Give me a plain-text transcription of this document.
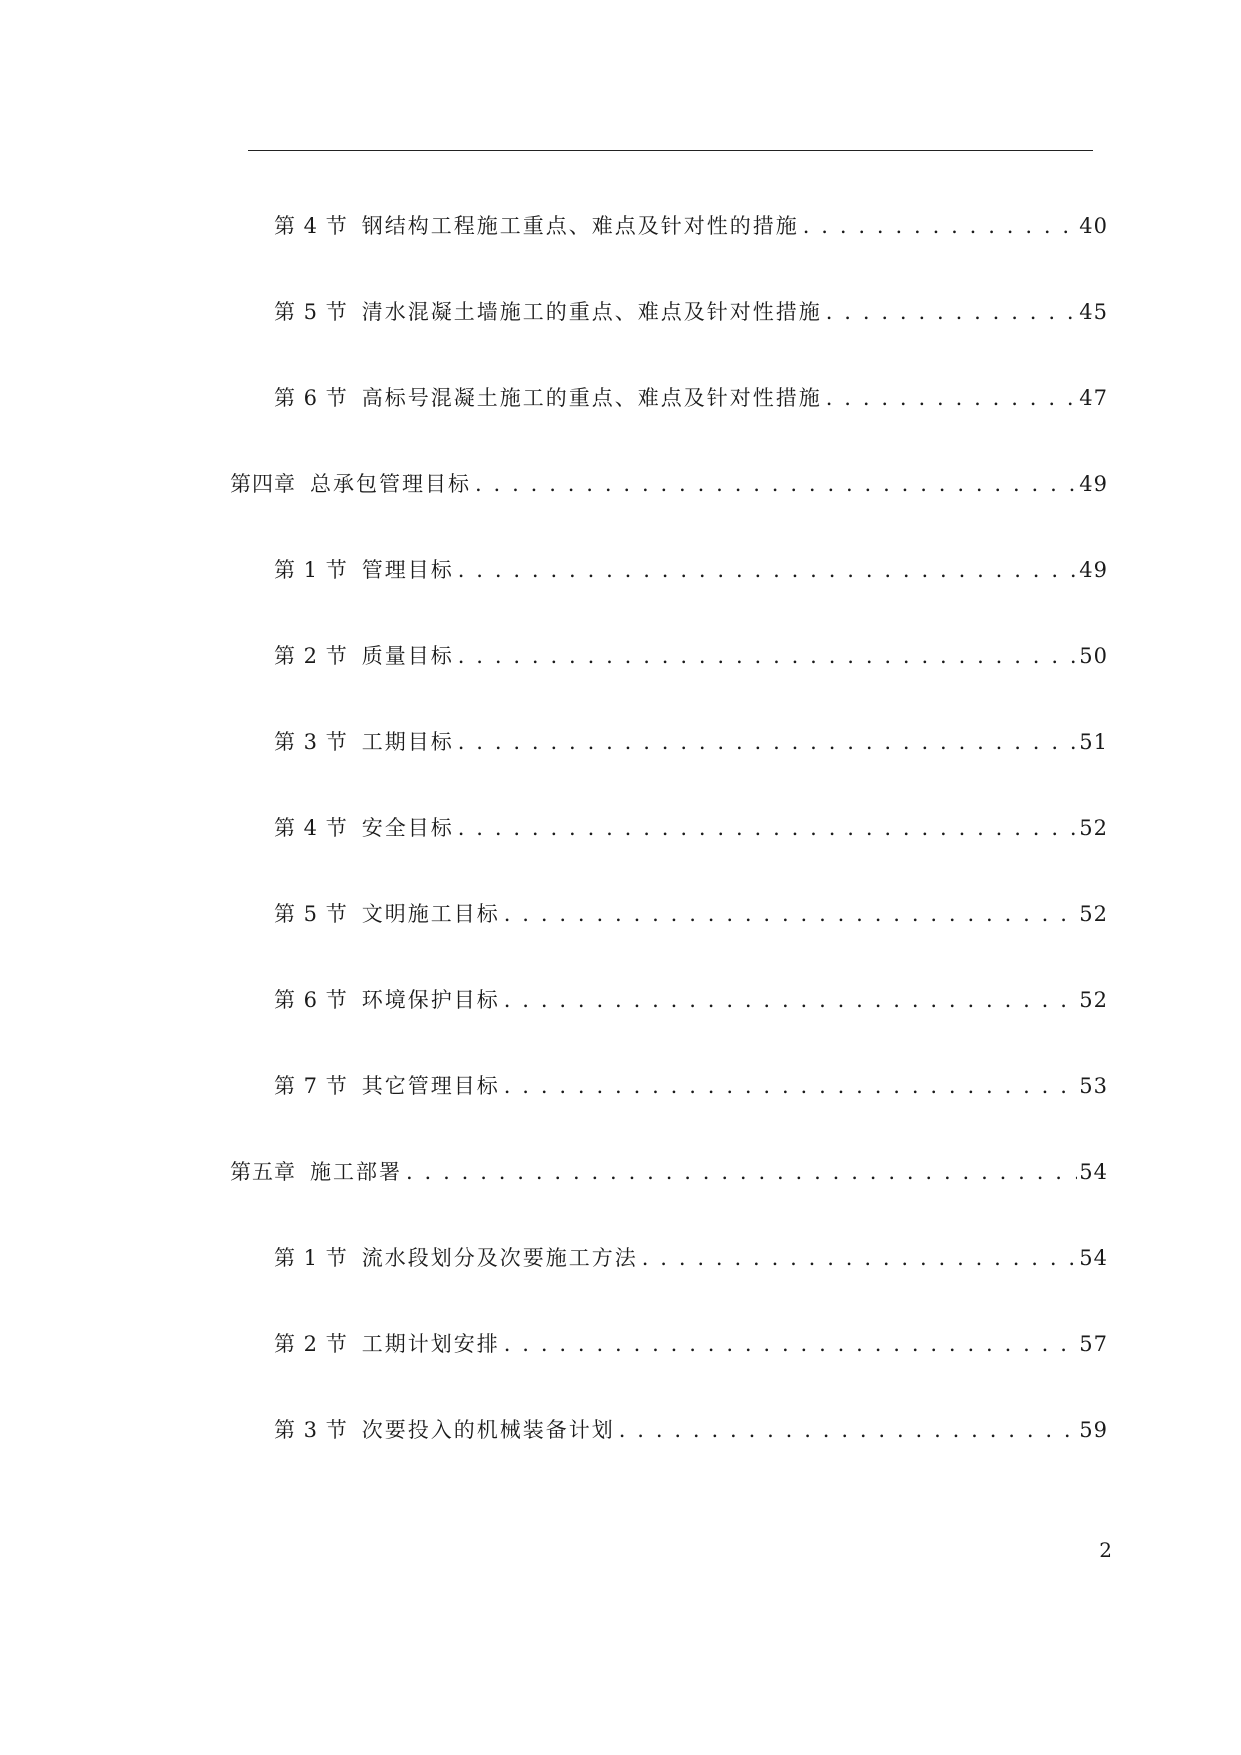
第 4 节 钢结构工程施工重点、难点及针对性的措施 . . .	40
第 5 节 清水混凝土墙施工的重点、难点及针对性措施 . . .	45
第 6 节 高标号混凝土施工的重点、难点及针对性措施 . . .	47
第四章 总承包管理目标 . . .	49
第 1 节 管理目标 . . .	49
第 2 节 质量目标 . . .	50
第 3 节 工期目标 . . .	51
第 4 节 安全目标 . . .	52
第 5 节 文明施工目标 . . .	52
第 6 节 环境保护目标 . . .	52
第 7 节 其它管理目标 . . .	53
第五章 施工部署 . . .	54
第 1 节 流水段划分及次要施工方法 . . .	54
第 2 节 工期计划安排 . . .	57
第 3 节 次要投入的机械装备计划 . . .	59
2
